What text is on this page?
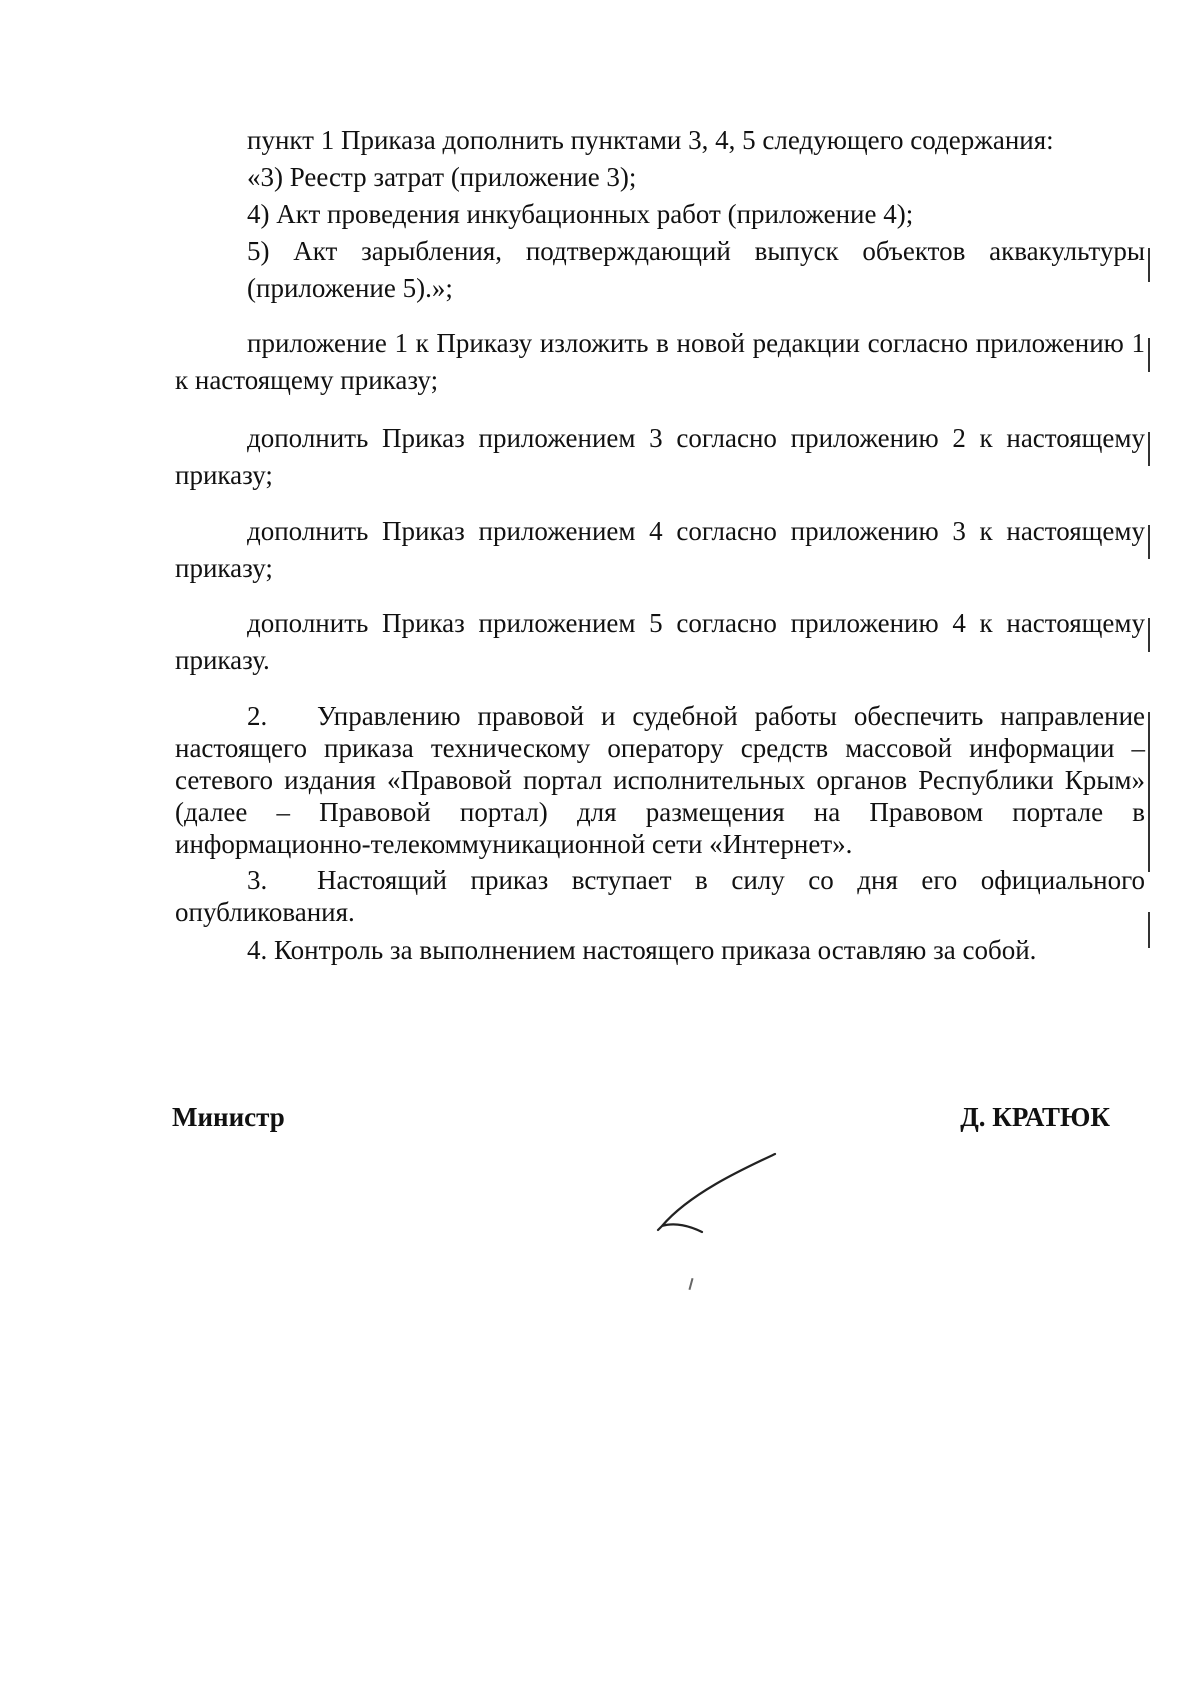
пункт 1 Приказа дополнить пунктами 3, 4, 5 следующего содержания:

«3) Реестр затрат (приложение 3);

4) Акт проведения инкубационных работ (приложение 4);

5) Акт зарыбления, подтверждающий выпуск объектов аквакультуры (приложение 5).»;

приложение 1 к Приказу изложить в новой редакции согласно приложению 1 к настоящему приказу;

дополнить Приказ приложением 3 согласно приложению 2 к настоящему приказу;

дополнить Приказ приложением 4 согласно приложению 3 к настоящему приказу;

дополнить Приказ приложением 5 согласно приложению 4 к настоящему приказу.

2. Управлению правовой и судебной работы обеспечить направление настоящего приказа техническому оператору средств массовой информации – сетевого издания «Правовой портал исполнительных органов Республики Крым» (далее – Правовой портал) для размещения на Правовом портале в информационно-телекоммуникационной сети «Интернет».

3. Настоящий приказ вступает в силу со дня его официального опубликования.

4. Контроль за выполнением настоящего приказа оставляю за собой.

Министр	Д. КРАТЮК
